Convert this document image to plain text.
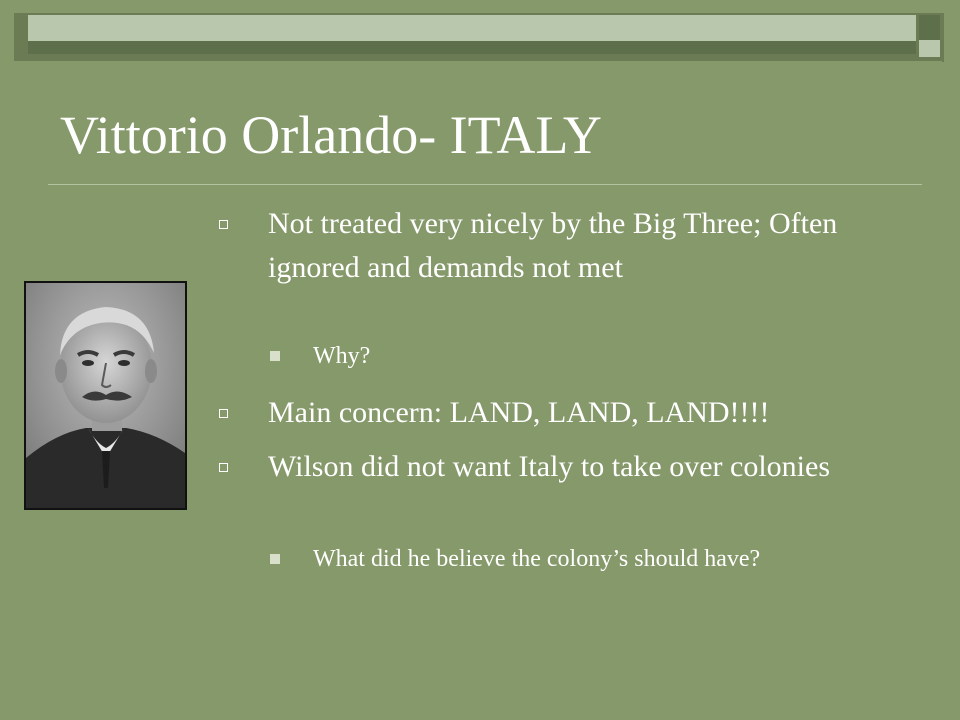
Vittorio Orlando- ITALY
Not treated very nicely by the Big Three; Often ignored and demands not met
Why?
Main concern: LAND, LAND, LAND!!!!
Wilson did not want Italy to take over colonies
What did he believe the colony’s should have?
